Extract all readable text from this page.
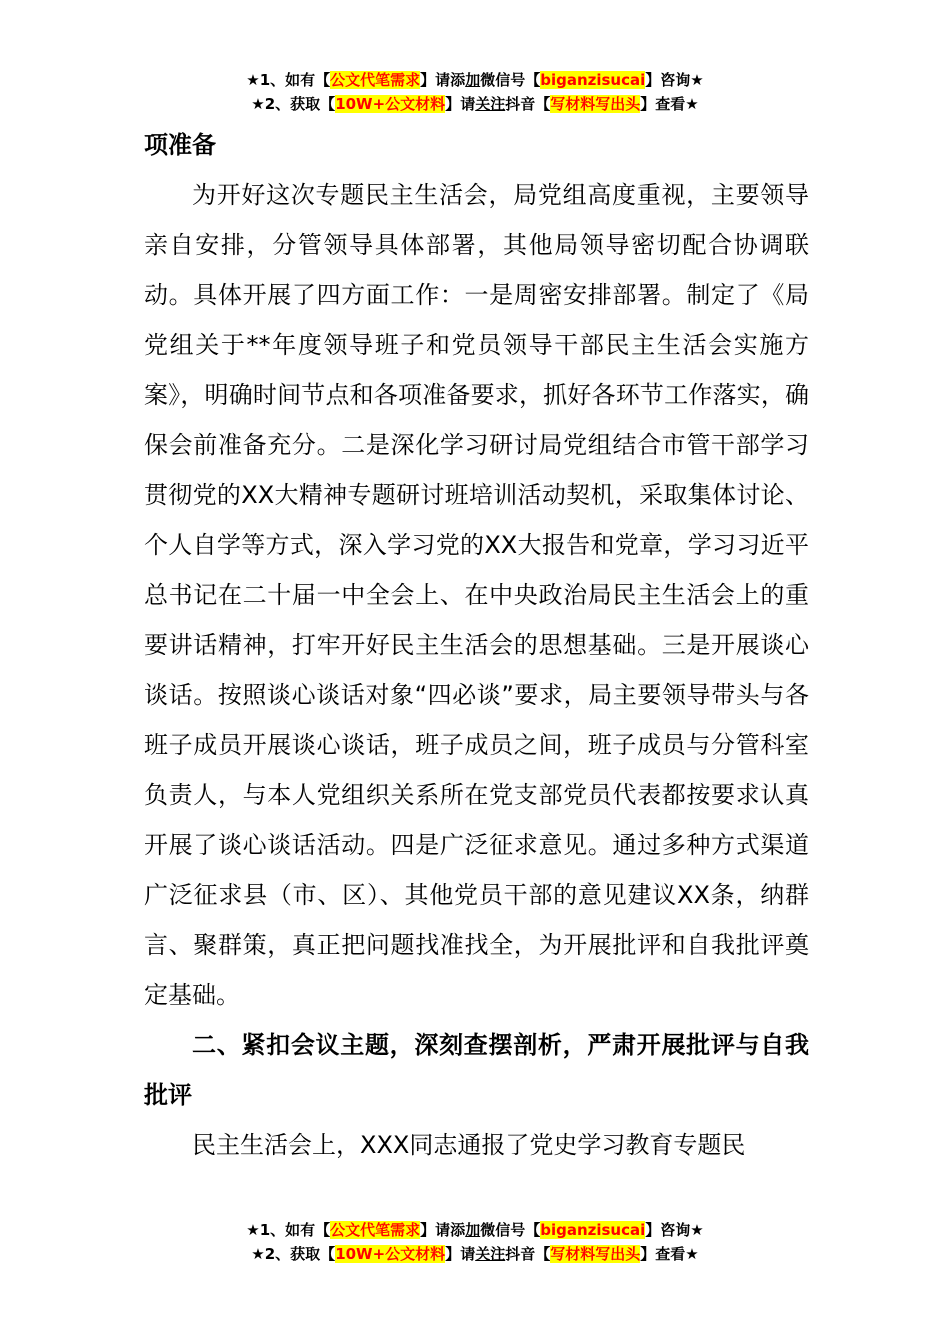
★1、如有【公文代笔需求】请添加微信号【biganzisucai】咨询★
★2、获取【10W+公文材料】请关注抖音【写材料写出头】查看★

项准备

为开好这次专题民主生活会，局党组高度重视，主要领导亲自安排，分管领导具体部署，其他局领导密切配合协调联动。具体开展了四方面工作：一是周密安排部署。制定了《局党组关于**年度领导班子和党员领导干部民主生活会实施方案》，明确时间节点和各项准备要求，抓好各环节工作落实，确保会前准备充分。二是深化学习研讨局党组结合市管干部学习贯彻党的XX大精神专题研讨班培训活动契机，采取集体讨论、个人自学等方式，深入学习党的XX大报告和党章，学习习近平总书记在二十届一中全会上、在中央政治局民主生活会上的重要讲话精神，打牢开好民主生活会的思想基础。三是开展谈心谈话。按照谈心谈话对象“四必谈”要求，局主要领导带头与各班子成员开展谈心谈话，班子成员之间，班子成员与分管科室负责人，与本人党组织关系所在党支部党员代表都按要求认真开展了谈心谈话活动。四是广泛征求意见。通过多种方式渠道广泛征求县（市、区）、其他党员干部的意见建议XX条，纳群言、聚群策，真正把问题找准找全，为开展批评和自我批评奠定基础。

二、紧扣会议主题，深刻查摆剖析，严肃开展批评与自我批评

民主生活会上，XXX同志通报了党史学习教育专题民

★1、如有【公文代笔需求】请添加微信号【biganzisucai】咨询★
★2、获取【10W+公文材料】请关注抖音【写材料写出头】查看★
